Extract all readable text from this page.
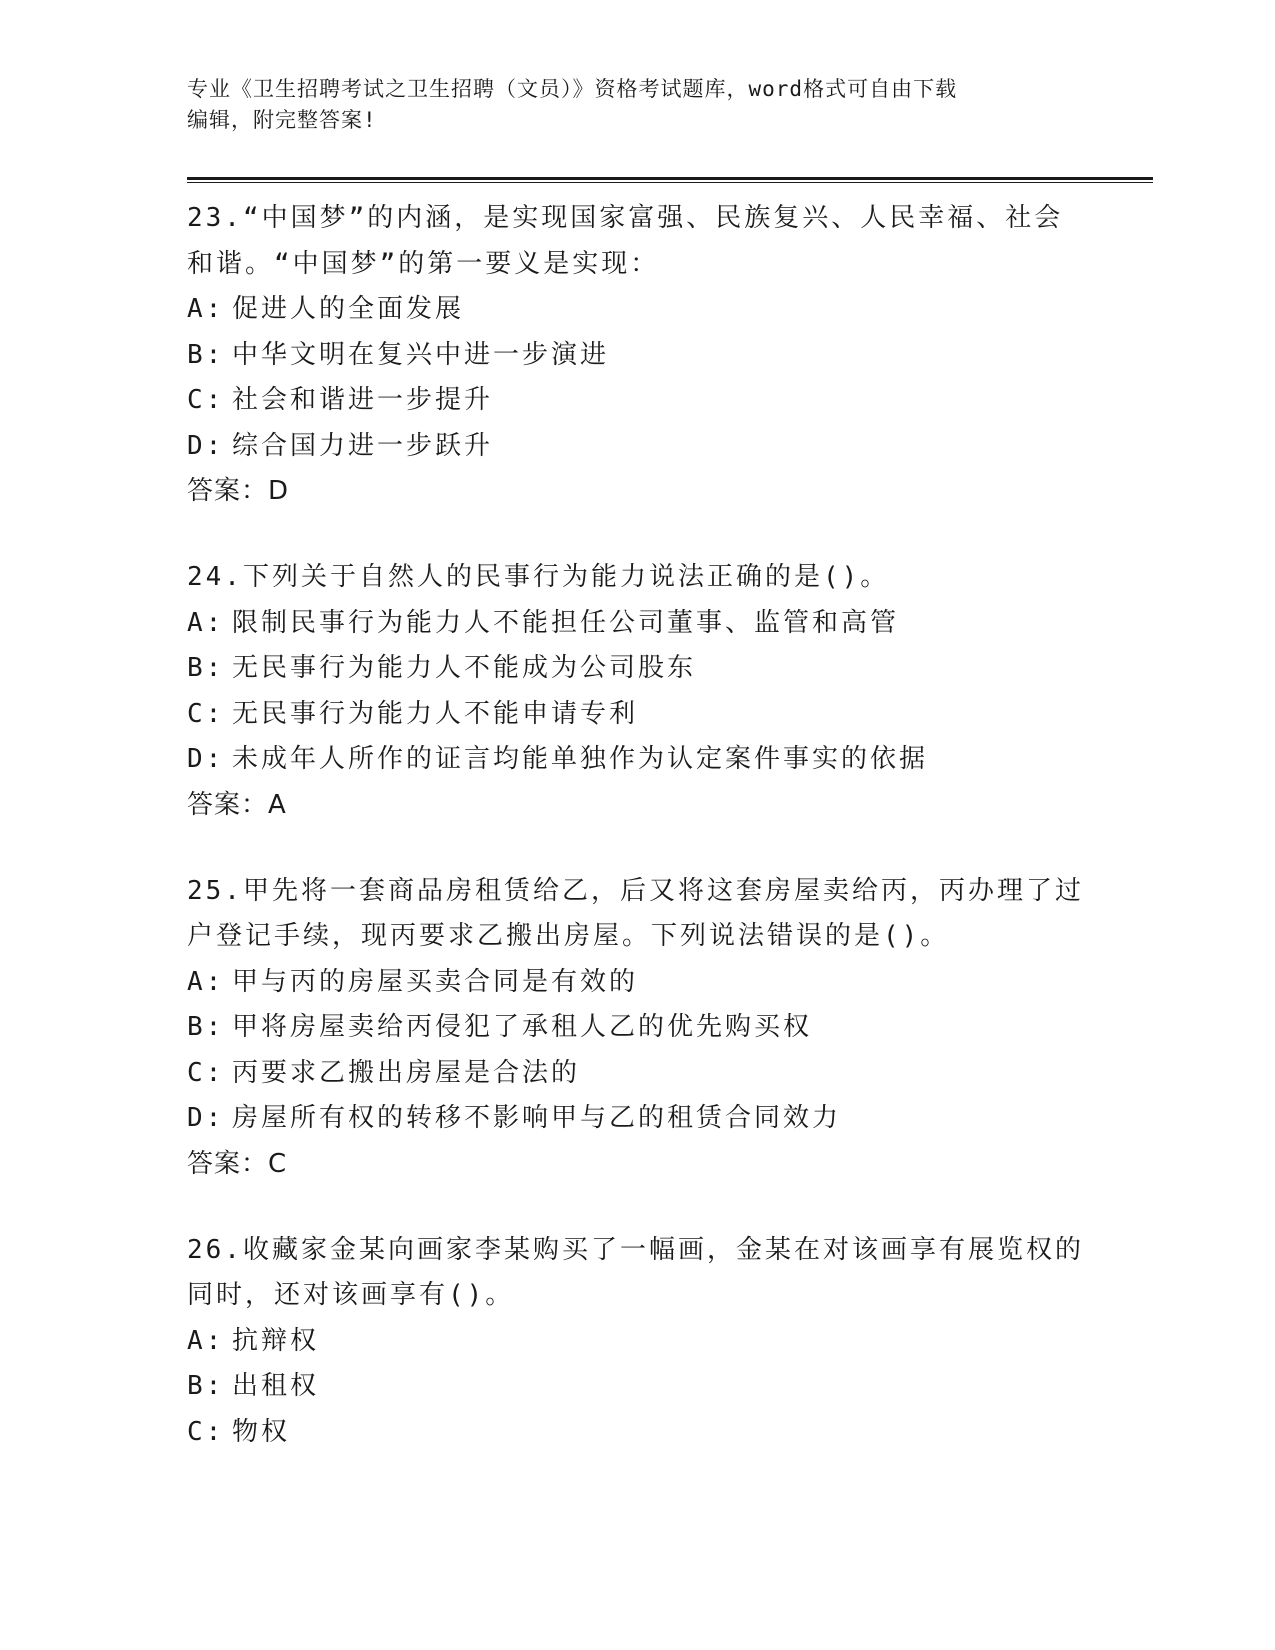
专业《卫生招聘考试之卫生招聘（文员）》资格考试题库，word格式可自由下载

编辑，附完整答案!

23.“中国梦”的内涵，是实现国家富强、民族复兴、人民幸福、社会

和谐。“中国梦”的第一要义是实现：

A: 促进人的全面发展
B: 中华文明在复兴中进一步演进
C: 社会和谐进一步提升
D: 综合国力进一步跃升

答案：D

24.下列关于自然人的民事行为能力说法正确的是()。

A: 限制民事行为能力人不能担任公司董事、监管和高管
B: 无民事行为能力人不能成为公司股东
C: 无民事行为能力人不能申请专利
D: 未成年人所作的证言均能单独作为认定案件事实的依据

答案：A

25.甲先将一套商品房租赁给乙，后又将这套房屋卖给丙，丙办理了过

户登记手续，现丙要求乙搬出房屋。下列说法错误的是()。

A: 甲与丙的房屋买卖合同是有效的
B: 甲将房屋卖给丙侵犯了承租人乙的优先购买权
C: 丙要求乙搬出房屋是合法的
D: 房屋所有权的转移不影响甲与乙的租赁合同效力

答案：C

26.收藏家金某向画家李某购买了一幅画，金某在对该画享有展览权的

同时，还对该画享有()。

A: 抗辩权
B: 出租权
C: 物权
